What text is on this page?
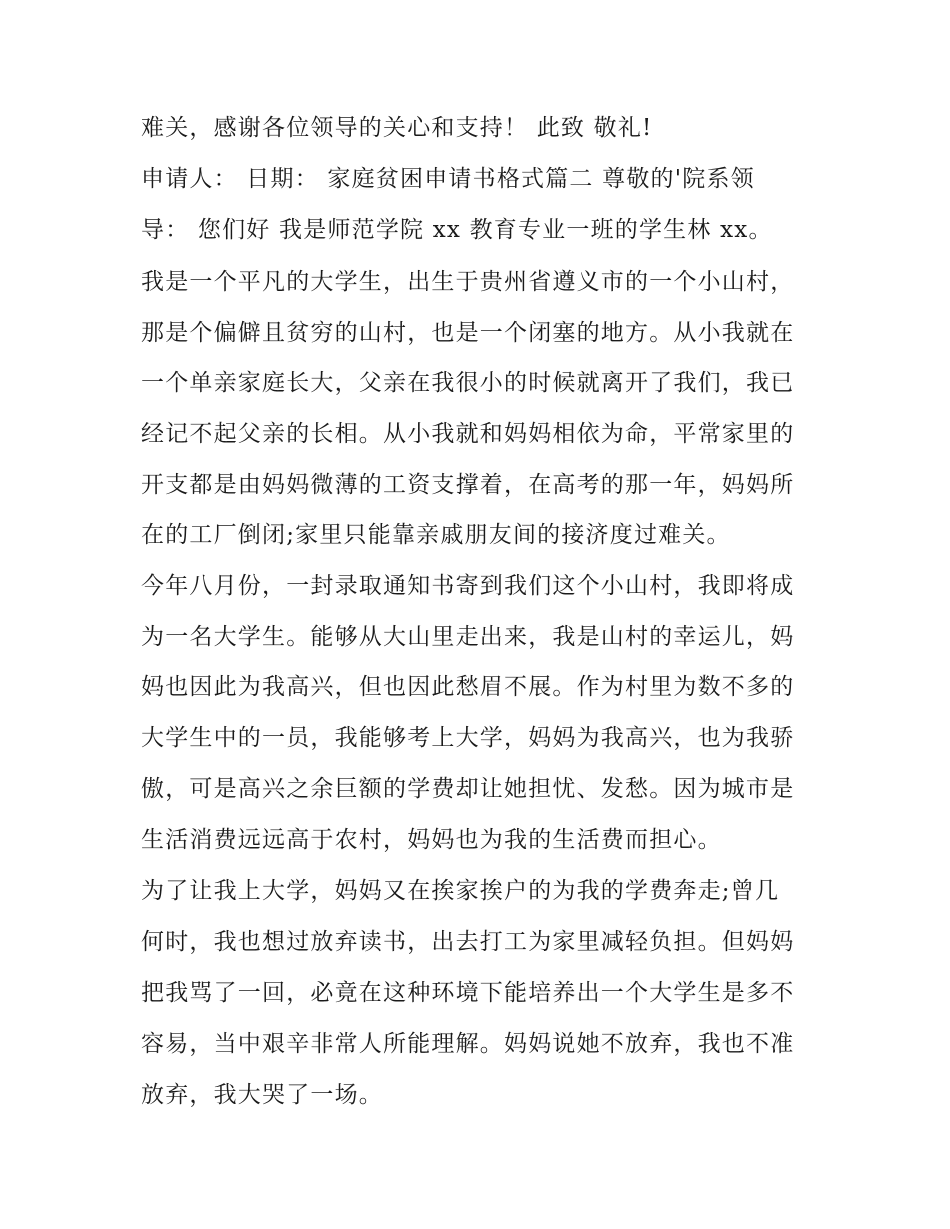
难关，感谢各位领导的关心和支持！ 此致 敬礼!
申请人： 日期： 家庭贫困申请书格式篇二 尊敬的'院系领
导： 您们好 我是师范学院 xx 教育专业一班的学生林 xx。
我是一个平凡的大学生，出生于贵州省遵义市的一个小山村，
那是个偏僻且贫穷的山村，也是一个闭塞的地方。从小我就在
一个单亲家庭长大，父亲在我很小的时候就离开了我们，我已
经记不起父亲的长相。从小我就和妈妈相依为命，平常家里的
开支都是由妈妈微薄的工资支撑着，在高考的那一年，妈妈所
在的工厂倒闭;家里只能靠亲戚朋友间的接济度过难关。
今年八月份，一封录取通知书寄到我们这个小山村，我即将成
为一名大学生。能够从大山里走出来，我是山村的幸运儿，妈
妈也因此为我高兴，但也因此愁眉不展。作为村里为数不多的
大学生中的一员，我能够考上大学，妈妈为我高兴，也为我骄
傲，可是高兴之余巨额的学费却让她担忧、发愁。因为城市是
生活消费远远高于农村，妈妈也为我的生活费而担心。
为了让我上大学，妈妈又在挨家挨户的为我的学费奔走;曾几
何时，我也想过放弃读书，出去打工为家里减轻负担。但妈妈
把我骂了一回，必竟在这种环境下能培养出一个大学生是多不
容易，当中艰辛非常人所能理解。妈妈说她不放弃，我也不准
放弃，我大哭了一场。
